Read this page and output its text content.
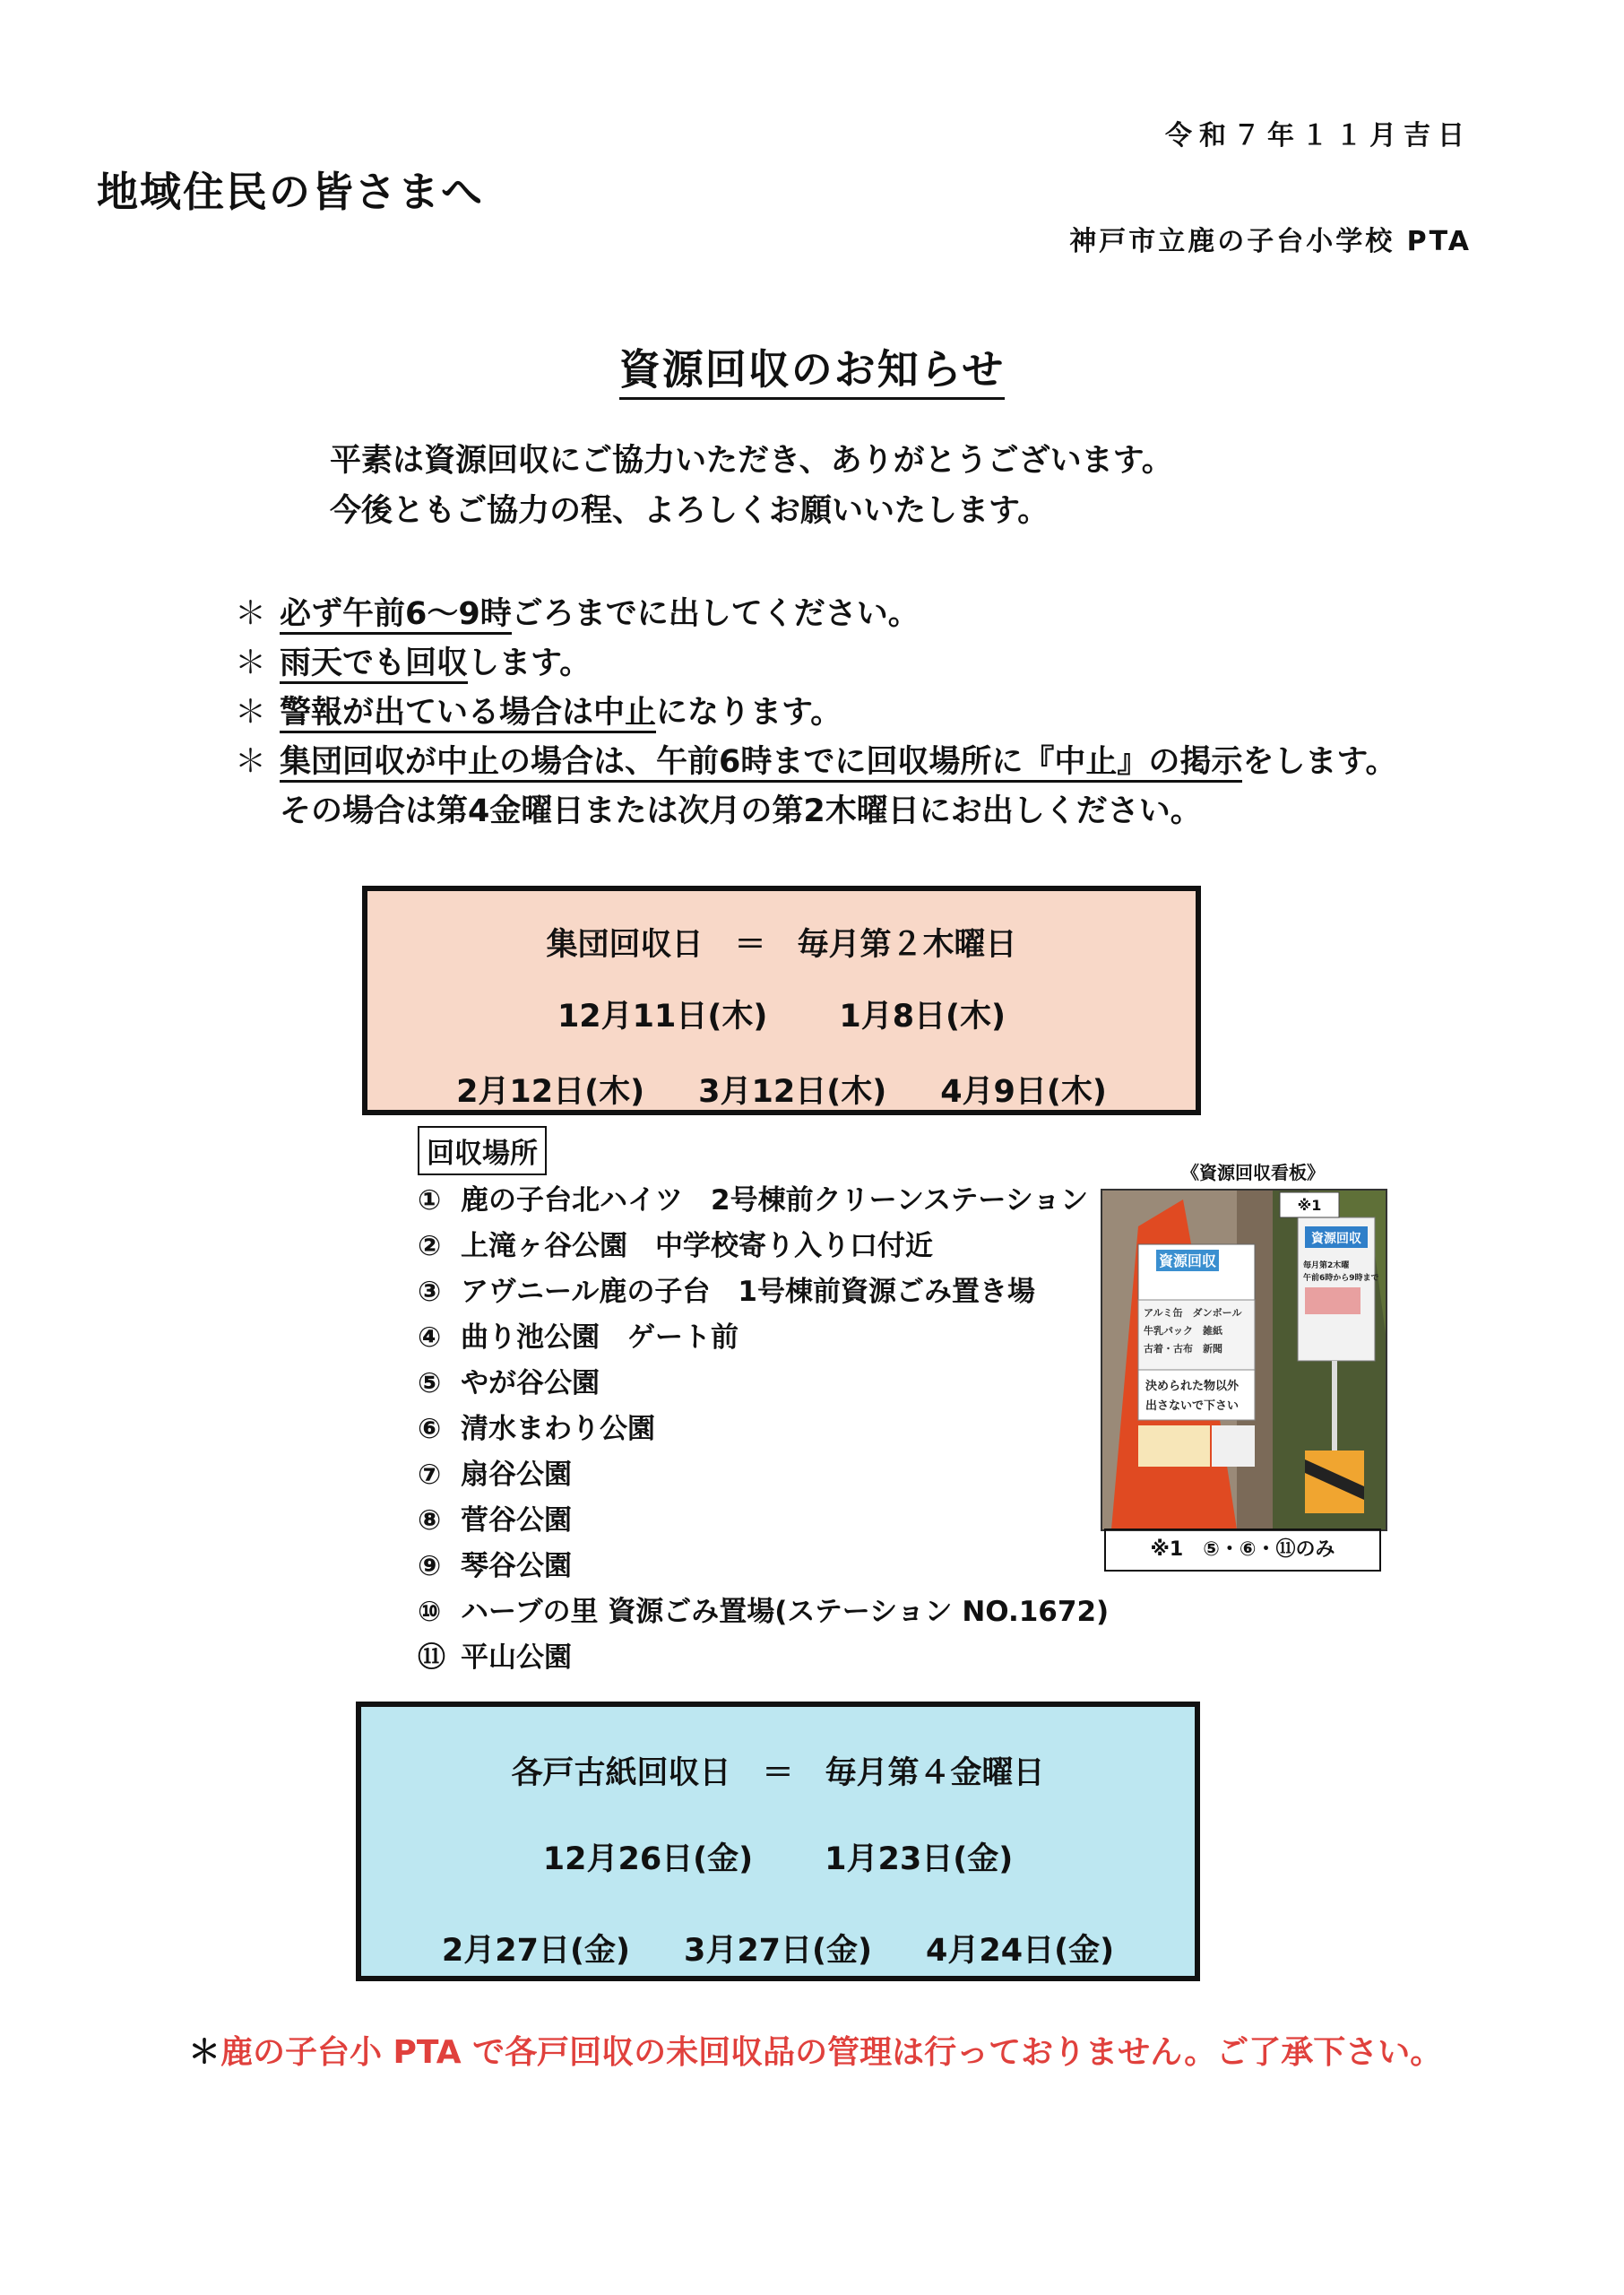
令和７年１１月吉日
地域住民の皆さまへ
神戸市立鹿の子台小学校 PTA
資源回収のお知らせ
平素は資源回収にご協力いただき、ありがとうございます。
今後ともご協力の程、よろしくお願いいたします。
＊ 必ず午前6～9時ごろまでに出してください。
＊ 雨天でも回収します。
＊ 警報が出ている場合は中止になります。
＊ 集団回収が中止の場合は、午前6時までに回収場所に『中止』の掲示をします。
その場合は第4金曜日または次月の第2木曜日にお出しください。
集団回収日　＝　毎月第２木曜日
12月11日(木) 1月8日(木)
2月12日(木) 3月12日(木) 4月9日(木)
回収場所
① 鹿の子台北ハイツ　2号棟前クリーンステーション
② 上滝ヶ谷公園　中学校寄り入り口付近
③ アヴニール鹿の子台　1号棟前資源ごみ置き場
④ 曲り池公園　ゲート前
⑤ やが谷公園
⑥ 清水まわり公園
⑦ 扇谷公園
⑧ 菅谷公園
⑨ 琴谷公園
⑩ ハーブの里 資源ごみ置場(ステーション NO.1672)
⑪ 平山公園
《資源回収看板》
資源回収
アルミ缶　ダンボール
牛乳パック　雑紙
古着・古布　新聞
決められた物以外
出さないで下さい
資源回収
毎月第2木曜
午前6時から9時まで
※1
※1　⑤・⑥・⑪のみ
各戸古紙回収日　＝　毎月第４金曜日
12月26日(金) 1月23日(金)
2月27日(金) 3月27日(金) 4月24日(金)
＊鹿の子台小 PTA で各戸回収の未回収品の管理は行っておりません。ご了承下さい。
